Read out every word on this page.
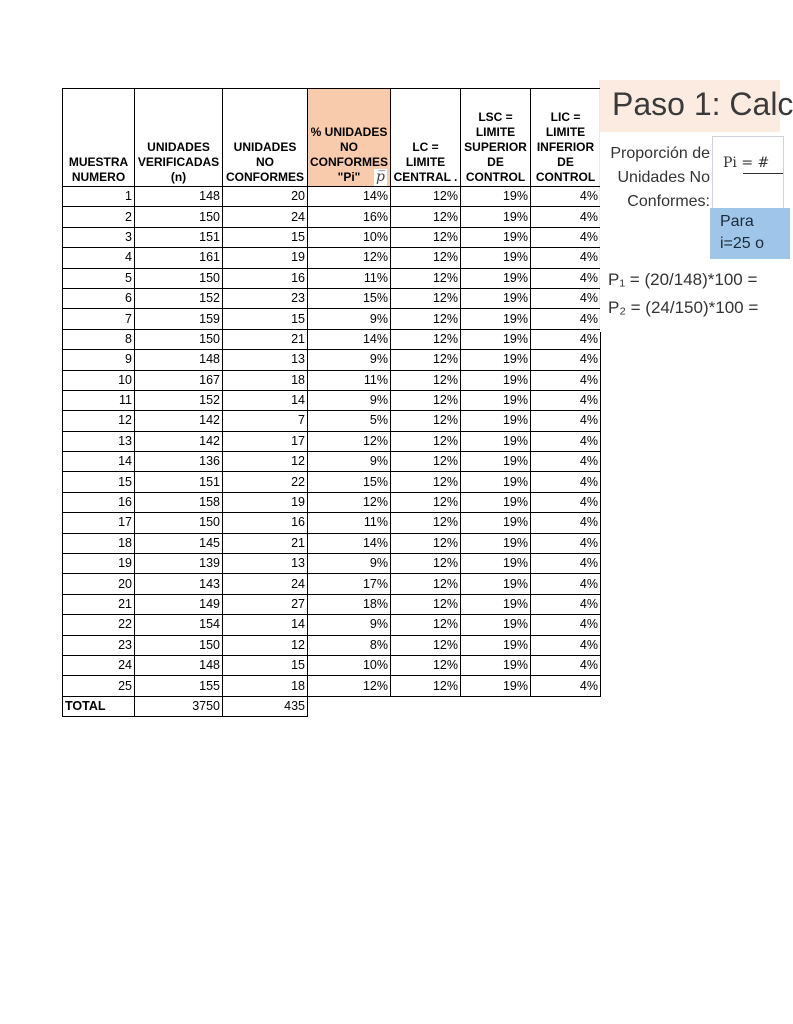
MUESTRA NUMERO	UNIDADES VERIFICADAS (n)	UNIDADES NO CONFORMES	% UNIDADES NO CONFORMES "Pi" p̅	LC = LIMITE CENTRAL .	LSC = LIMITE SUPERIOR DE CONTROL	LIC = LIMITE INFERIOR DE CONTROL
1	148	20	14%	12%	19%	4%
2	150	24	16%	12%	19%	4%
3	151	15	10%	12%	19%	4%
4	161	19	12%	12%	19%	4%
5	150	16	11%	12%	19%	4%
6	152	23	15%	12%	19%	4%
7	159	15	9%	12%	19%	4%
8	150	21	14%	12%	19%	4%
9	148	13	9%	12%	19%	4%
10	167	18	11%	12%	19%	4%
11	152	14	9%	12%	19%	4%
12	142	7	5%	12%	19%	4%
13	142	17	12%	12%	19%	4%
14	136	12	9%	12%	19%	4%
15	151	22	15%	12%	19%	4%
16	158	19	12%	12%	19%	4%
17	150	16	11%	12%	19%	4%
18	145	21	14%	12%	19%	4%
19	139	13	9%	12%	19%	4%
20	143	24	17%	12%	19%	4%
21	149	27	18%	12%	19%	4%
22	154	14	9%	12%	19%	4%
23	150	12	8%	12%	19%	4%
24	148	15	10%	12%	19%	4%
25	155	18	12%	12%	19%	4%
TOTAL	3750	435				
Paso 1: Calc
Proporción de Unidades No Conformes:
Pi = #
Para
i=25 o
P₁ = (20/148)*100 =
P₂ = (24/150)*100 =
